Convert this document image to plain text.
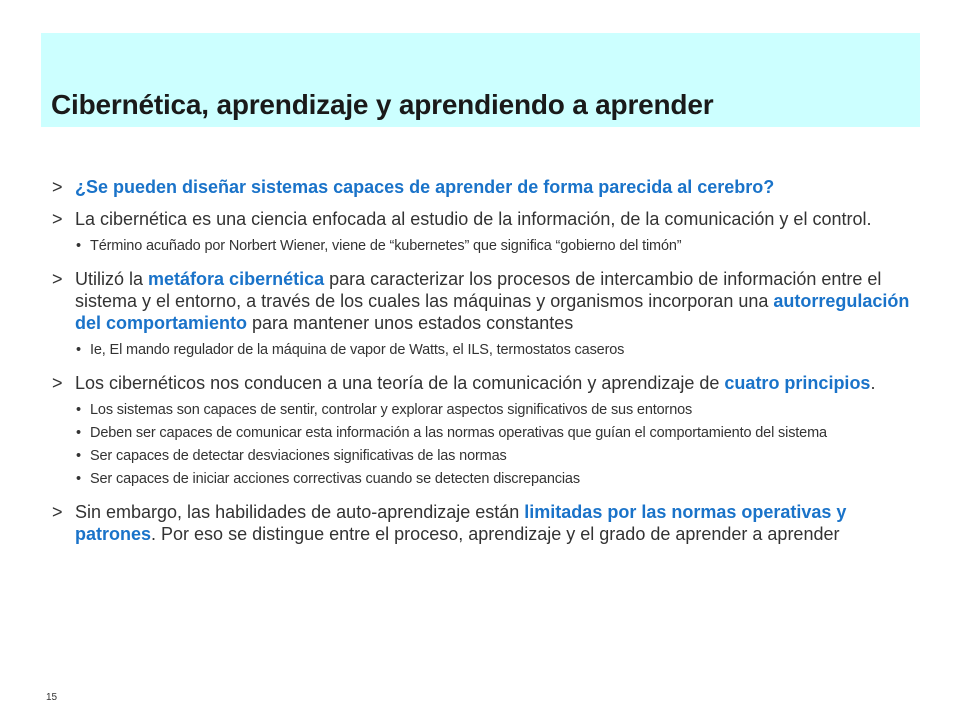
Cibernética, aprendizaje y aprendiendo a aprender
> ¿Se pueden diseñar sistemas capaces de aprender de forma parecida al cerebro?
> La cibernética es una ciencia enfocada al estudio de la información, de la comunicación y el control.
• Término acuñado por Norbert Wiener, viene de “kubernetes” que significa “gobierno del timón”
> Utilizó la metáfora cibernética para caracterizar los procesos de intercambio de información entre el sistema y el entorno, a través de los cuales las máquinas y organismos incorporan una autorregulación del comportamiento para mantener unos estados constantes
• Ie, El mando regulador de la máquina de vapor de Watts, el ILS, termostatos caseros
> Los cibernéticos nos conducen a una teoría de la comunicación y aprendizaje de cuatro principios.
• Los sistemas son capaces de sentir, controlar y explorar aspectos significativos de sus entornos
• Deben ser capaces de comunicar esta información a las normas operativas que guían el comportamiento del sistema
• Ser capaces de detectar desviaciones significativas de las normas
• Ser capaces de iniciar acciones correctivas cuando se detecten discrepancias
> Sin embargo, las habilidades de auto-aprendizaje están limitadas por las normas operativas y patrones. Por eso se distingue entre el proceso, aprendizaje y el grado de aprender a aprender
15
